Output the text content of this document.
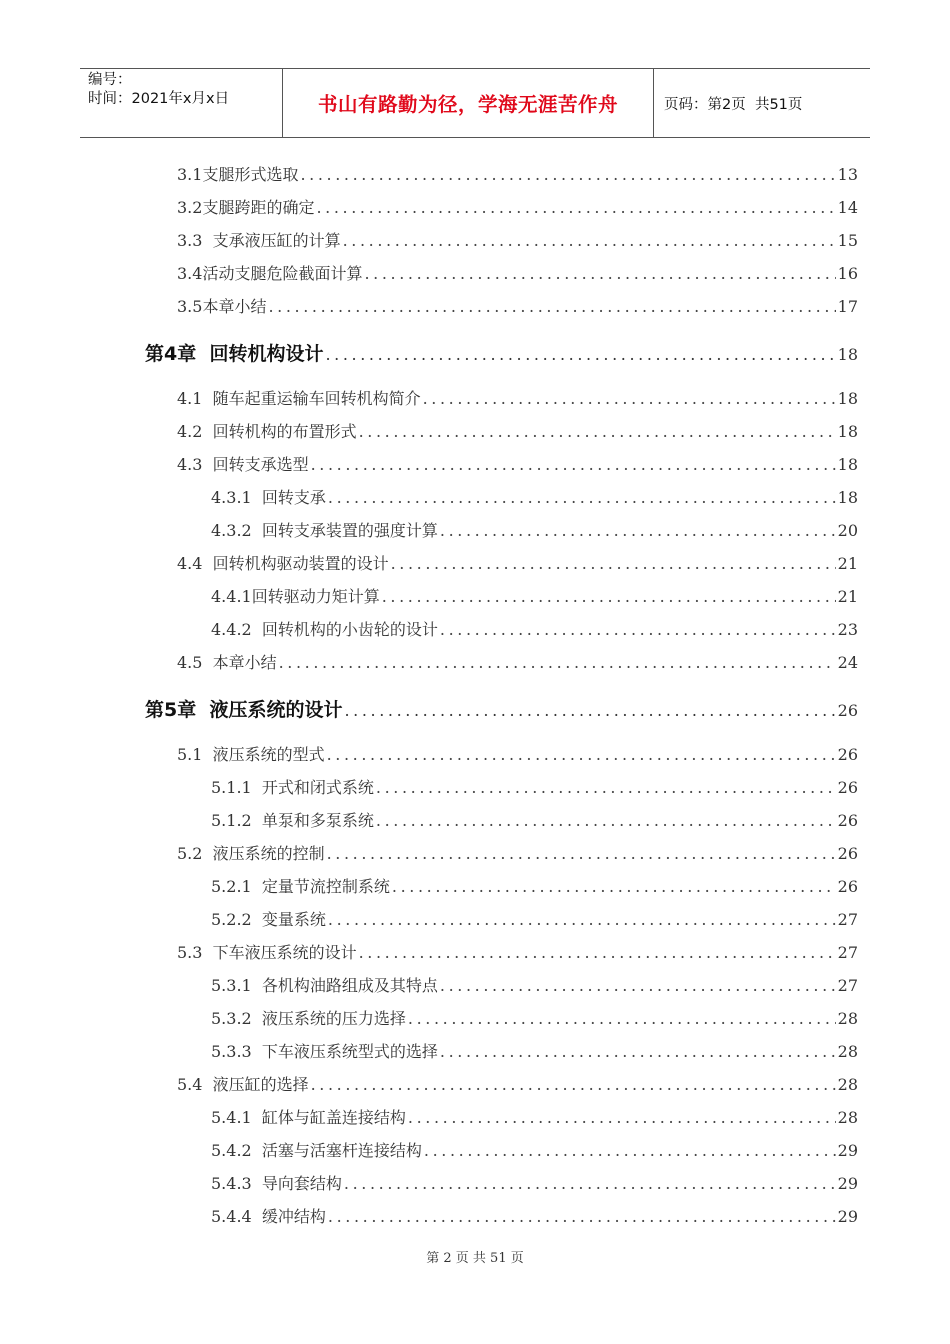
编号：
时间：2021年x月x日	书山有路勤为径，学海无涯苦作舟	页码：第2页  共51页
3.1支腿形式选取 .....	13
3.2支腿跨距的确定 .....	14
3.3  支承液压缸的计算 .....	15
3.4活动支腿危险截面计算 .....	16
3.5本章小结 .....	17
第4章  回转机构设计 .....	18
4.1  随车起重运输车回转机构简介 .....	18
4.2  回转机构的布置形式 .....	18
4.3  回转支承选型 .....	18
4.3.1  回转支承 .....	18
4.3.2  回转支承装置的强度计算 .....	20
4.4  回转机构驱动装置的设计 .....	21
4.4.1回转驱动力矩计算 .....	21
4.4.2  回转机构的小齿轮的设计 .....	23
4.5  本章小结 .....	24
第5章  液压系统的设计 .....	26
5.1  液压系统的型式 .....	26
5.1.1  开式和闭式系统 .....	26
5.1.2  单泵和多泵系统 .....	26
5.2  液压系统的控制 .....	26
5.2.1  定量节流控制系统 .....	26
5.2.2  变量系统 .....	27
5.3  下车液压系统的设计 .....	27
5.3.1  各机构油路组成及其特点 .....	27
5.3.2  液压系统的压力选择 .....	28
5.3.3  下车液压系统型式的选择 .....	28
5.4  液压缸的选择 .....	28
5.4.1  缸体与缸盖连接结构 .....	28
5.4.2  活塞与活塞杆连接结构 .....	29
5.4.3  导向套结构 .....	29
5.4.4  缓冲结构 .....	29
第 2 页 共 51 页
